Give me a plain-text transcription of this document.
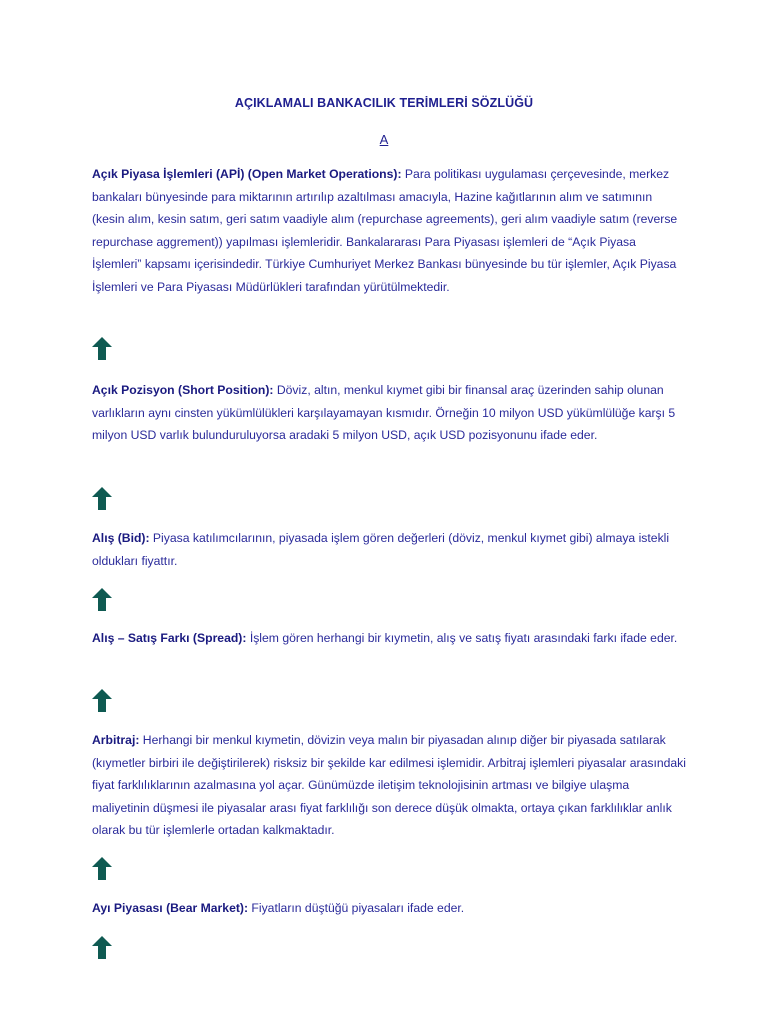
AÇIKLAMALI BANKACILIK TERİMLERİ SÖZLÜĞÜ
A
Açık Piyasa İşlemleri (APİ) (Open Market Operations): Para politikası uygulaması çerçevesinde, merkez bankaları bünyesinde para miktarının artırılıp azaltılması amacıyla, Hazine kağıtlarının alım ve satımının (kesin alım, kesin satım, geri satım vaadiyle alım (repurchase agreements), geri alım vaadiyle satım (reverse repurchase aggrement)) yapılması işlemleridir. Bankalararası Para Piyasası işlemleri de “Açık Piyasa İşlemleri” kapsamı içerisindedir. Türkiye Cumhuriyet Merkez Bankası bünyesinde bu tür işlemler, Açık Piyasa İşlemleri ve Para Piyasası Müdürlükleri tarafından yürütülmektedir.
Açık Pozisyon (Short Position): Döviz, altın, menkul kıymet gibi bir finansal araç üzerinden sahip olunan varlıkların aynı cinsten yükümlülükleri karşılayamayan kısmıdır. Örneğin 10 milyon USD yükümlülüğe karşı 5 milyon USD varlık bulunduruluyorsa aradaki 5 milyon USD, açık USD pozisyonunu ifade eder.
Alış (Bid): Piyasa katılımcılarının, piyasada işlem gören değerleri (döviz, menkul kıymet gibi) almaya istekli oldukları fiyattır.
Alış – Satış Farkı (Spread): İşlem gören herhangi bir kıymetin, alış ve satış fiyatı arasındaki farkı ifade eder.
Arbitraj: Herhangi bir menkul kıymetin, dövizin veya malın bir piyasadan alınıp diğer bir piyasada satılarak (kıymetler birbiri ile değiştirilerek) risksiz bir şekilde kar edilmesi işlemidir. Arbitraj işlemleri piyasalar arasındaki fiyat farklılıklarının azalmasına yol açar. Günümüzde iletişim teknolojisinin artması ve bilgiye ulaşma maliyetinin düşmesi ile piyasalar arası fiyat farklılığı son derece düşük olmakta, ortaya çıkan farklılıklar anlık olarak bu tür işlemlerle ortadan kalkmaktadır.
Ayı Piyasası (Bear Market): Fiyatların düştüğü piyasaları ifade eder.
